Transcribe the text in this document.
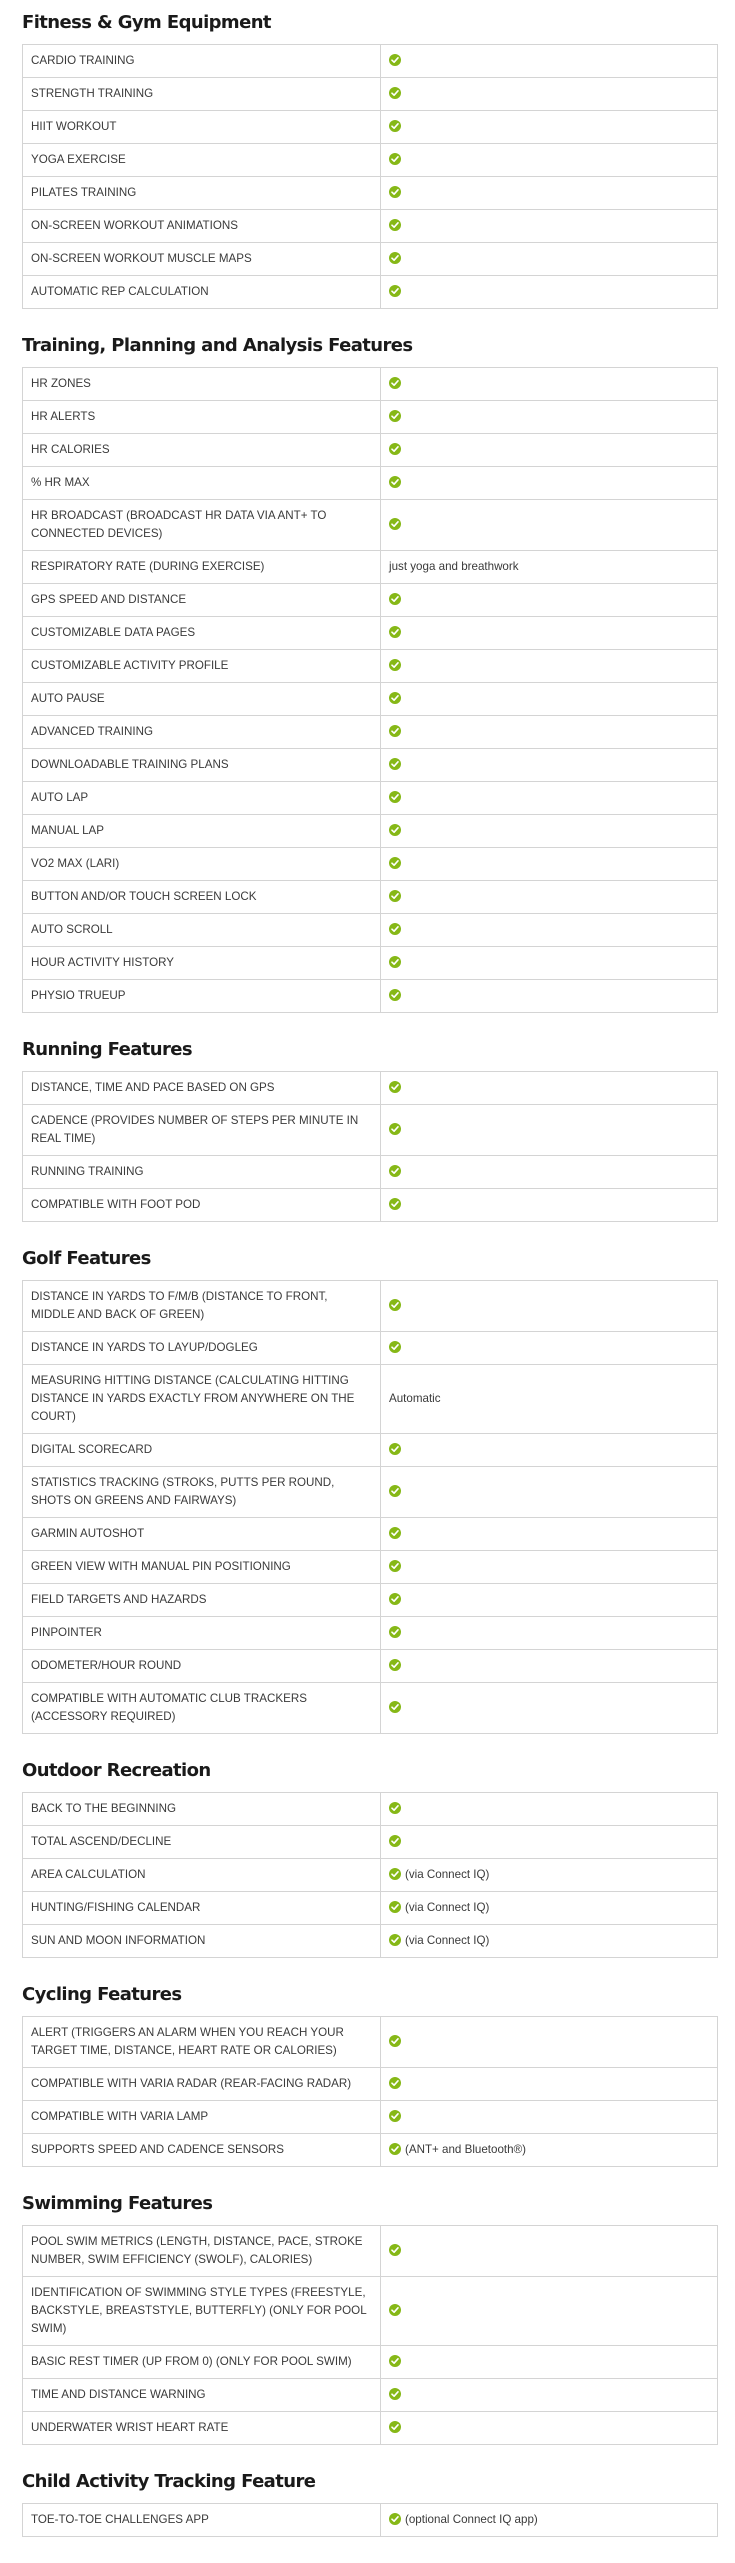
Fitness & Gym Equipment
CARDIO TRAINING	

STRENGTH TRAINING	

HIIT WORKOUT	

YOGA EXERCISE	

PILATES TRAINING	

ON-SCREEN WORKOUT ANIMATIONS	

ON-SCREEN WORKOUT MUSCLE MAPS	

AUTOMATIC REP CALCULATION	
Training, Planning and Analysis Features
HR ZONES	

HR ALERTS	

HR CALORIES	

% HR MAX	

HR BROADCAST (BROADCAST HR DATA VIA ANT+ TO CONNECTED DEVICES)	

RESPIRATORY RATE (DURING EXERCISE)	just yoga and breathwork
GPS SPEED AND DISTANCE	

CUSTOMIZABLE DATA PAGES	

CUSTOMIZABLE ACTIVITY PROFILE	

AUTO PAUSE	

ADVANCED TRAINING	

DOWNLOADABLE TRAINING PLANS	

AUTO LAP	

MANUAL LAP	

VO2 MAX (LARI)	

BUTTON AND/OR TOUCH SCREEN LOCK	

AUTO SCROLL	

HOUR ACTIVITY HISTORY	

PHYSIO TRUEUP	
Running Features
DISTANCE, TIME AND PACE BASED ON GPS	

CADENCE (PROVIDES NUMBER OF STEPS PER MINUTE IN REAL TIME)	

RUNNING TRAINING	

COMPATIBLE WITH FOOT POD	
Golf Features
DISTANCE IN YARDS TO F/M/B (DISTANCE TO FRONT, MIDDLE AND BACK OF GREEN)	

DISTANCE IN YARDS TO LAYUP/DOGLEG	

MEASURING HITTING DISTANCE (CALCULATING HITTING DISTANCE IN YARDS EXACTLY FROM ANYWHERE ON THE COURT)	Automatic
DIGITAL SCORECARD	

STATISTICS TRACKING (STROKS, PUTTS PER ROUND, SHOTS ON GREENS AND FAIRWAYS)	

GARMIN AUTOSHOT	

GREEN VIEW WITH MANUAL PIN POSITIONING	

FIELD TARGETS AND HAZARDS	

PINPOINTER	

ODOMETER/HOUR ROUND	

COMPATIBLE WITH AUTOMATIC CLUB TRACKERS (ACCESSORY REQUIRED)	
Outdoor Recreation
BACK TO THE BEGINNING	

TOTAL ASCEND/DECLINE	

AREA CALCULATION	(via Connect IQ)
HUNTING/FISHING CALENDAR	(via Connect IQ)
SUN AND MOON INFORMATION	(via Connect IQ)
Cycling Features
ALERT (TRIGGERS AN ALARM WHEN YOU REACH YOUR TARGET TIME, DISTANCE, HEART RATE OR CALORIES)	

COMPATIBLE WITH VARIA RADAR (REAR-FACING RADAR)	

COMPATIBLE WITH VARIA LAMP	

SUPPORTS SPEED AND CADENCE SENSORS	(ANT+ and Bluetooth®)
Swimming Features
POOL SWIM METRICS (LENGTH, DISTANCE, PACE, STROKE NUMBER, SWIM EFFICIENCY (SWOLF), CALORIES)	

IDENTIFICATION OF SWIMMING STYLE TYPES (FREESTYLE, BACKSTYLE, BREASTSTYLE, BUTTERFLY) (ONLY FOR POOL SWIM)	

BASIC REST TIMER (UP FROM 0) (ONLY FOR POOL SWIM)	

TIME AND DISTANCE WARNING	

UNDERWATER WRIST HEART RATE	
Child Activity Tracking Feature
TOE-TO-TOE CHALLENGES APP	(optional Connect IQ app)
